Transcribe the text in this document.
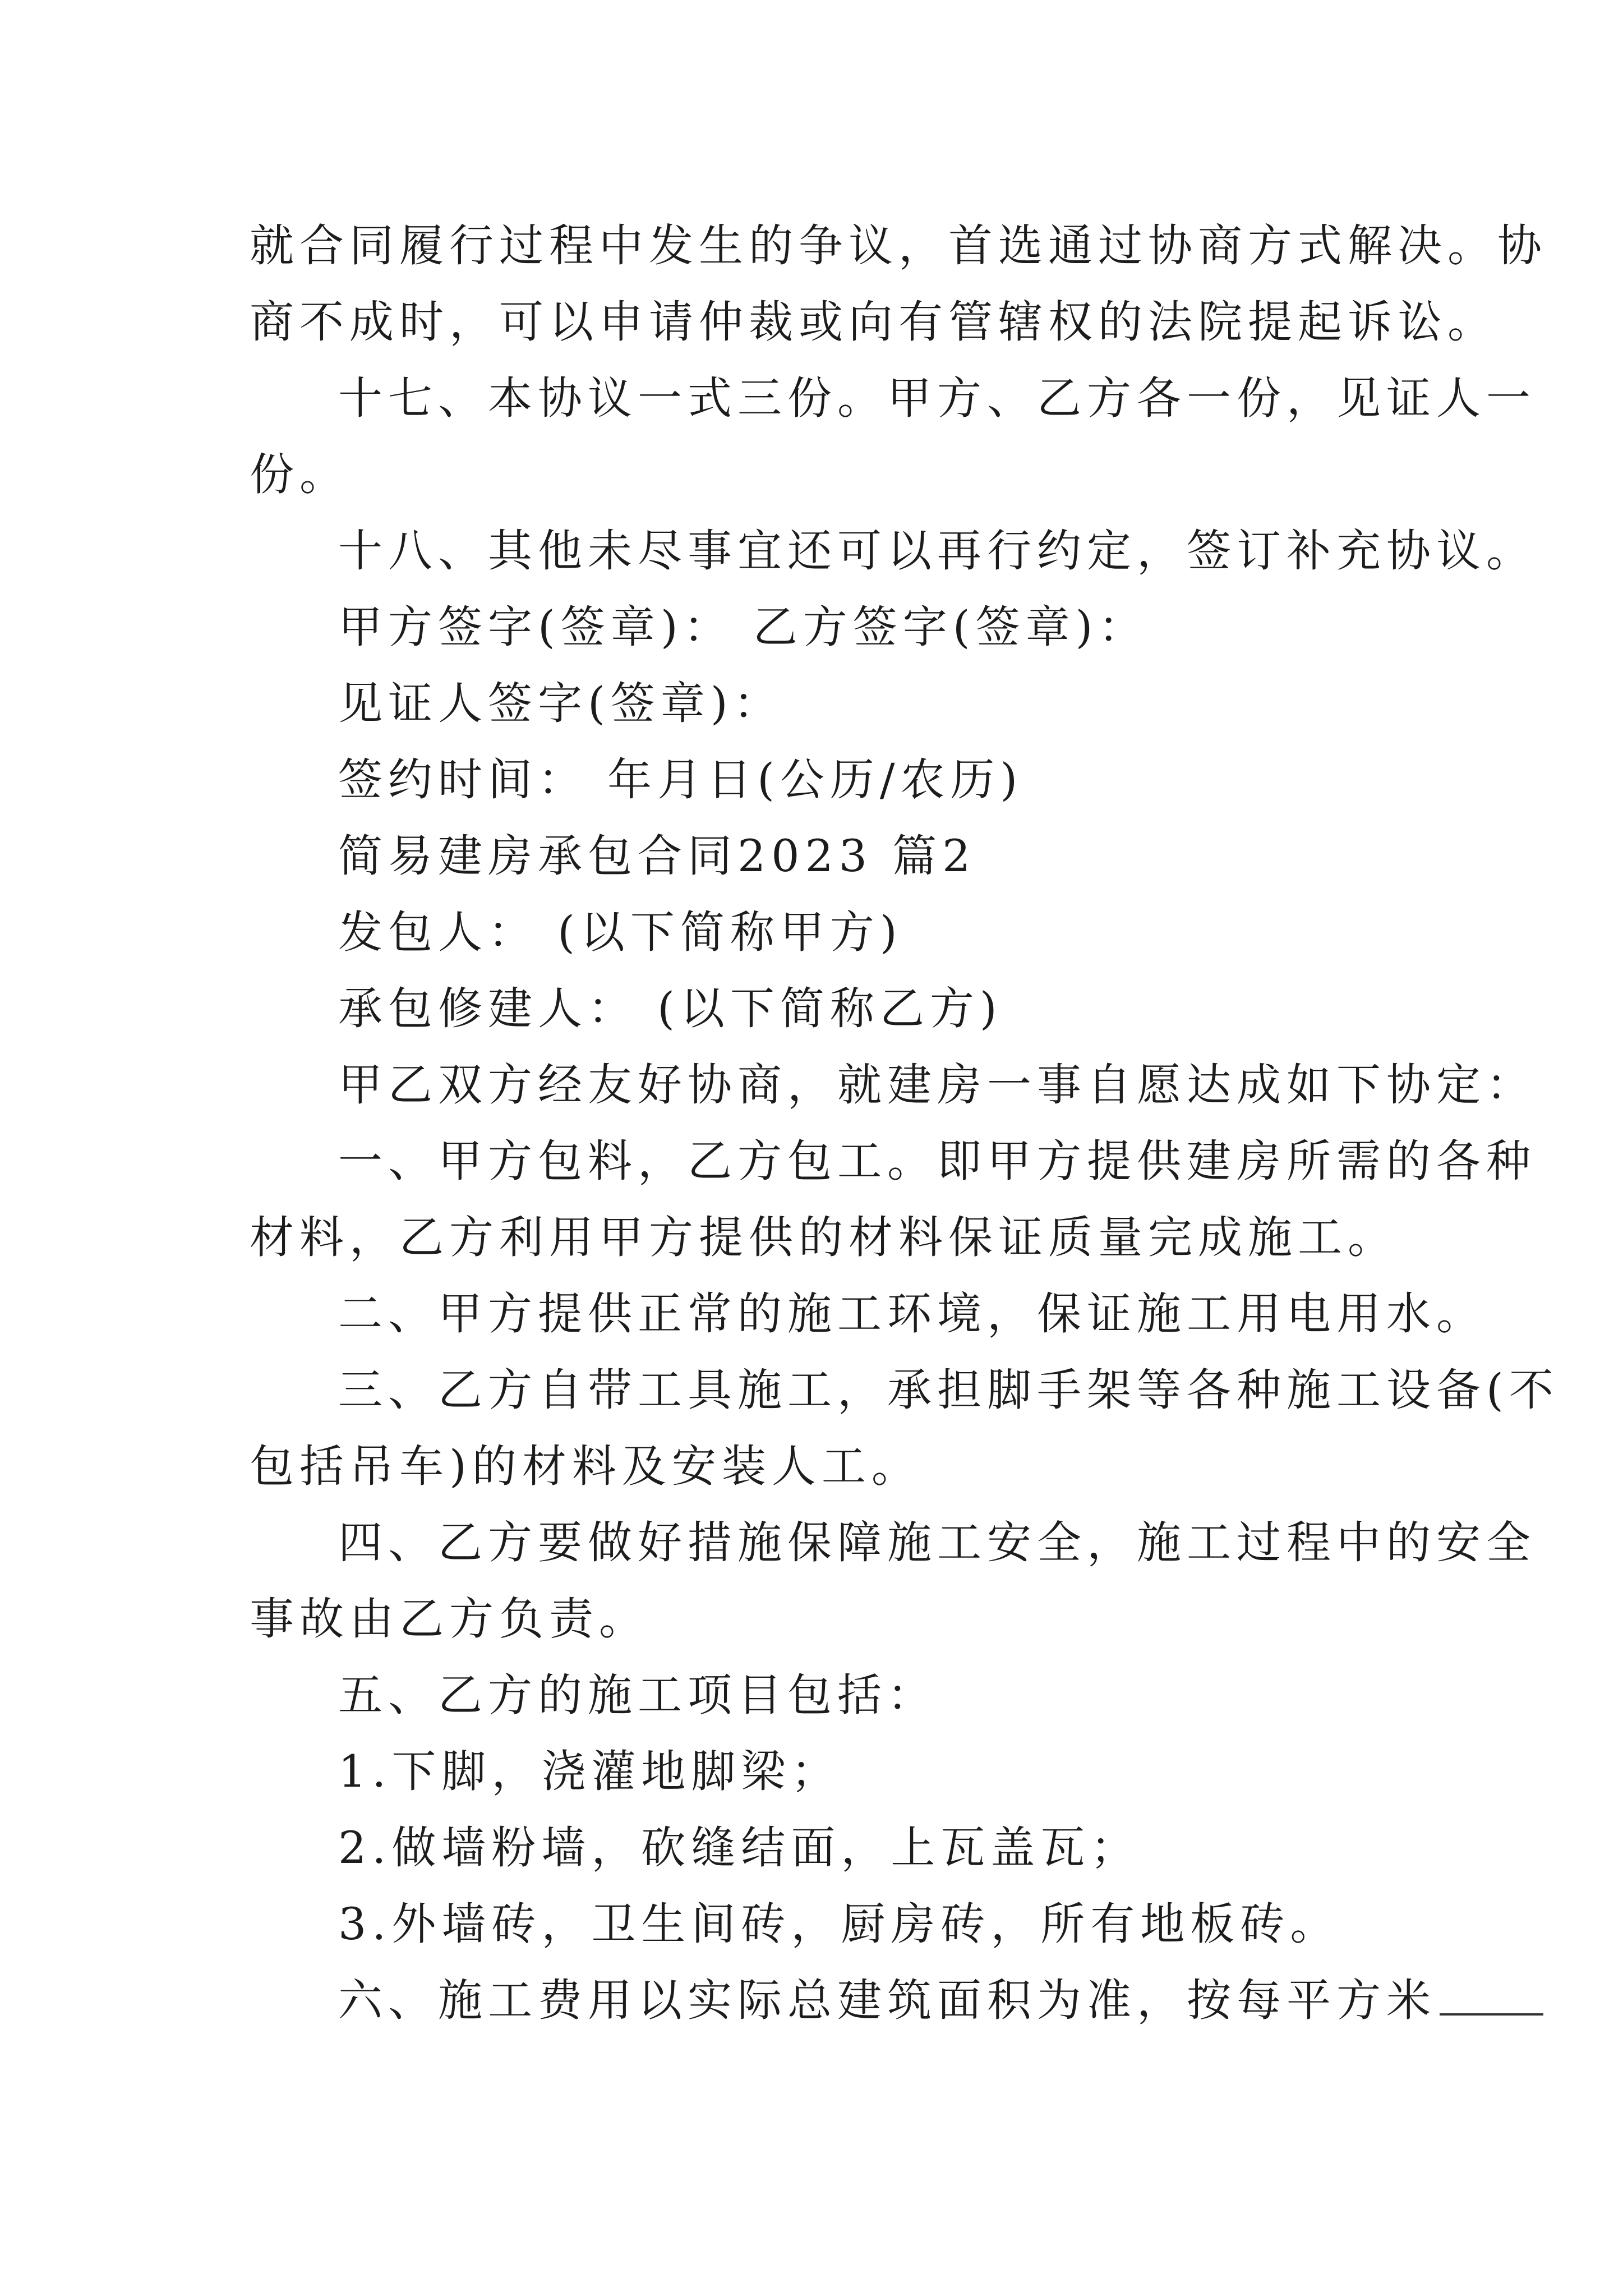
就合同履行过程中发生的争议，首选通过协商方式解决。协
商不成时，可以申请仲裁或向有管辖权的法院提起诉讼。
十七、本协议一式三份。甲方、乙方各一份，见证人一
份。
十八、其他未尽事宜还可以再行约定，签订补充协议。
甲方签字(签章)： 乙方签字(签章)：
见证人签字(签章)：
签约时间： 年月日(公历/农历)
简易建房承包合同2023 篇2
发包人： (以下简称甲方)
承包修建人： (以下简称乙方)
甲乙双方经友好协商，就建房一事自愿达成如下协定：
一、甲方包料，乙方包工。即甲方提供建房所需的各种
材料，乙方利用甲方提供的材料保证质量完成施工。
二、甲方提供正常的施工环境，保证施工用电用水。
三、乙方自带工具施工，承担脚手架等各种施工设备(不
包括吊车)的材料及安装人工。
四、乙方要做好措施保障施工安全，施工过程中的安全
事故由乙方负责。
五、乙方的施工项目包括：
1.下脚，浇灌地脚梁；
2.做墙粉墙，砍缝结面，上瓦盖瓦；
3.外墙砖，卫生间砖，厨房砖，所有地板砖。
六、施工费用以实际总建筑面积为准，按每平方米
